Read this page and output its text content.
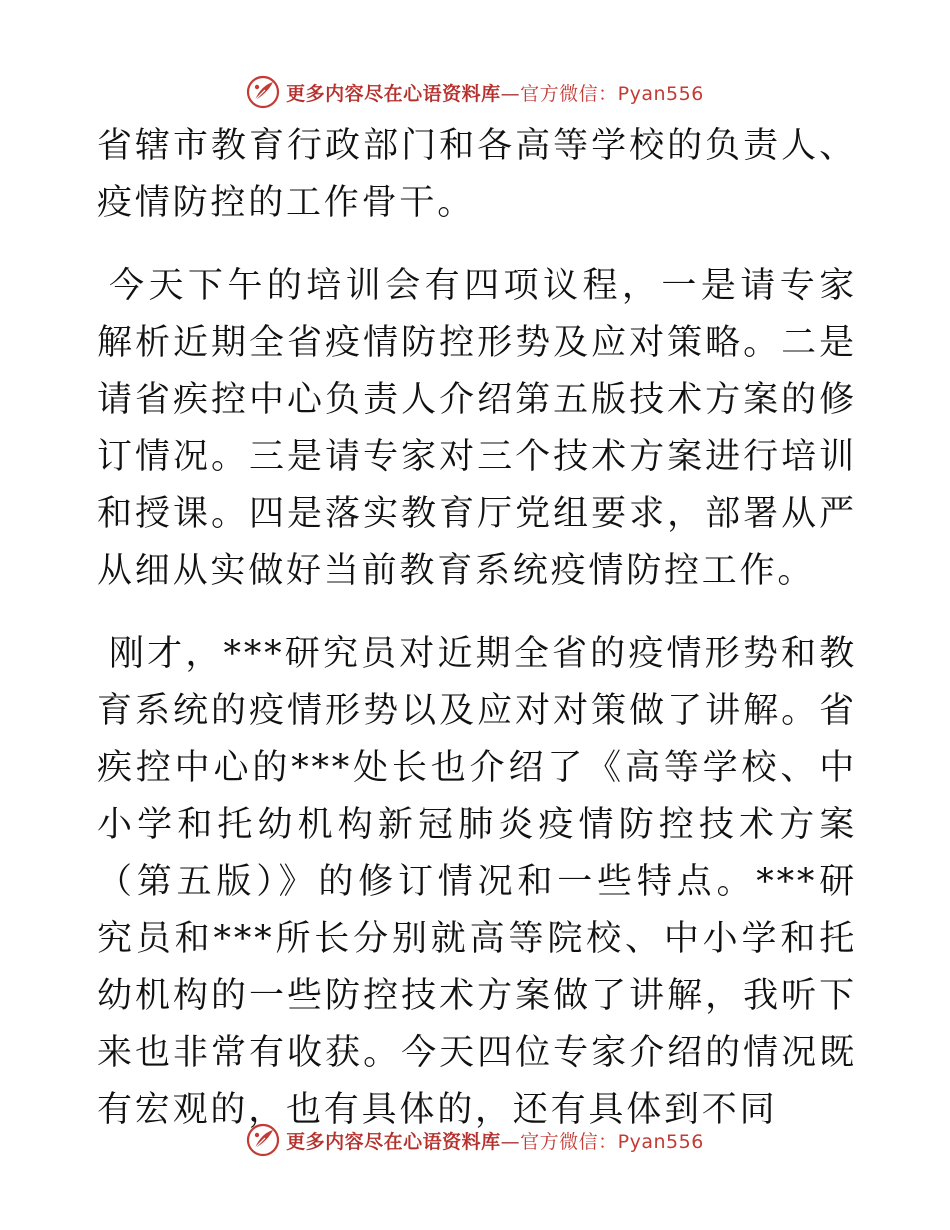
更多内容尽在心语资料库—官方微信：Pyan556

省辖市教育行政部门和各高等学校的负责人、疫情防控的工作骨干。

今天下午的培训会有四项议程，一是请专家解析近期全省疫情防控形势及应对策略。二是请省疾控中心负责人介绍第五版技术方案的修订情况。三是请专家对三个技术方案进行培训和授课。四是落实教育厅党组要求，部署从严从细从实做好当前教育系统疫情防控工作。

刚才，***研究员对近期全省的疫情形势和教育系统的疫情形势以及应对对策做了讲解。省疾控中心的***处长也介绍了《高等学校、中小学和托幼机构新冠肺炎疫情防控技术方案（第五版）》的修订情况和一些特点。***研究员和***所长分别就高等院校、中小学和托幼机构的一些防控技术方案做了讲解，我听下来也非常有收获。今天四位专家介绍的情况既有宏观的，也有具体的，还有具体到不同

更多内容尽在心语资料库—官方微信：Pyan556
